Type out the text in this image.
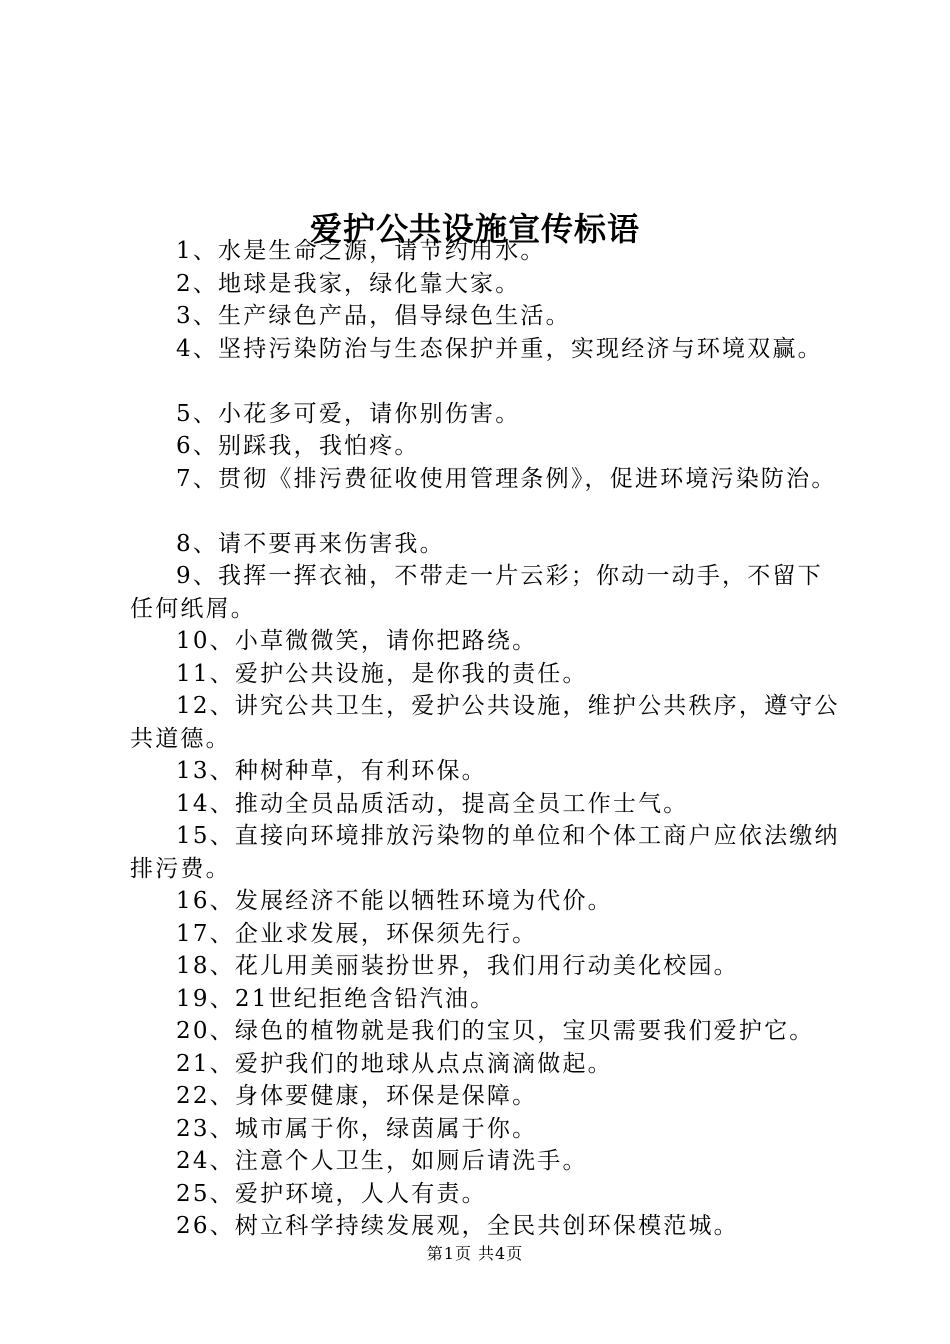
爱护公共设施宣传标语

1、水是生命之源，请节约用水。

2、地球是我家，绿化靠大家。

3、生产绿色产品，倡导绿色生活。

4、坚持污染防治与生态保护并重，实现经济与环境双赢。

5、小花多可爱，请你别伤害。

6、别踩我，我怕疼。

7、贯彻《排污费征收使用管理条例》，促进环境污染防治。

8、请不要再来伤害我。

9、我挥一挥衣袖，不带走一片云彩；你动一动手，不留下任何纸屑。

10、小草微微笑，请你把路绕。

11、爱护公共设施，是你我的责任。

12、讲究公共卫生，爱护公共设施，维护公共秩序，遵守公共道德。

13、种树种草，有利环保。

14、推动全员品质活动，提高全员工作士气。

15、直接向环境排放污染物的单位和个体工商户应依法缴纳排污费。

16、发展经济不能以牺牲环境为代价。

17、企业求发展，环保须先行。

18、花儿用美丽装扮世界，我们用行动美化校园。

19、21世纪拒绝含铅汽油。

20、绿色的植物就是我们的宝贝，宝贝需要我们爱护它。

21、爱护我们的地球从点点滴滴做起。

22、身体要健康，环保是保障。

23、城市属于你，绿茵属于你。

24、注意个人卫生，如厕后请洗手。

25、爱护环境，人人有责。

26、树立科学持续发展观，全民共创环保模范城。

第1页 共4页
